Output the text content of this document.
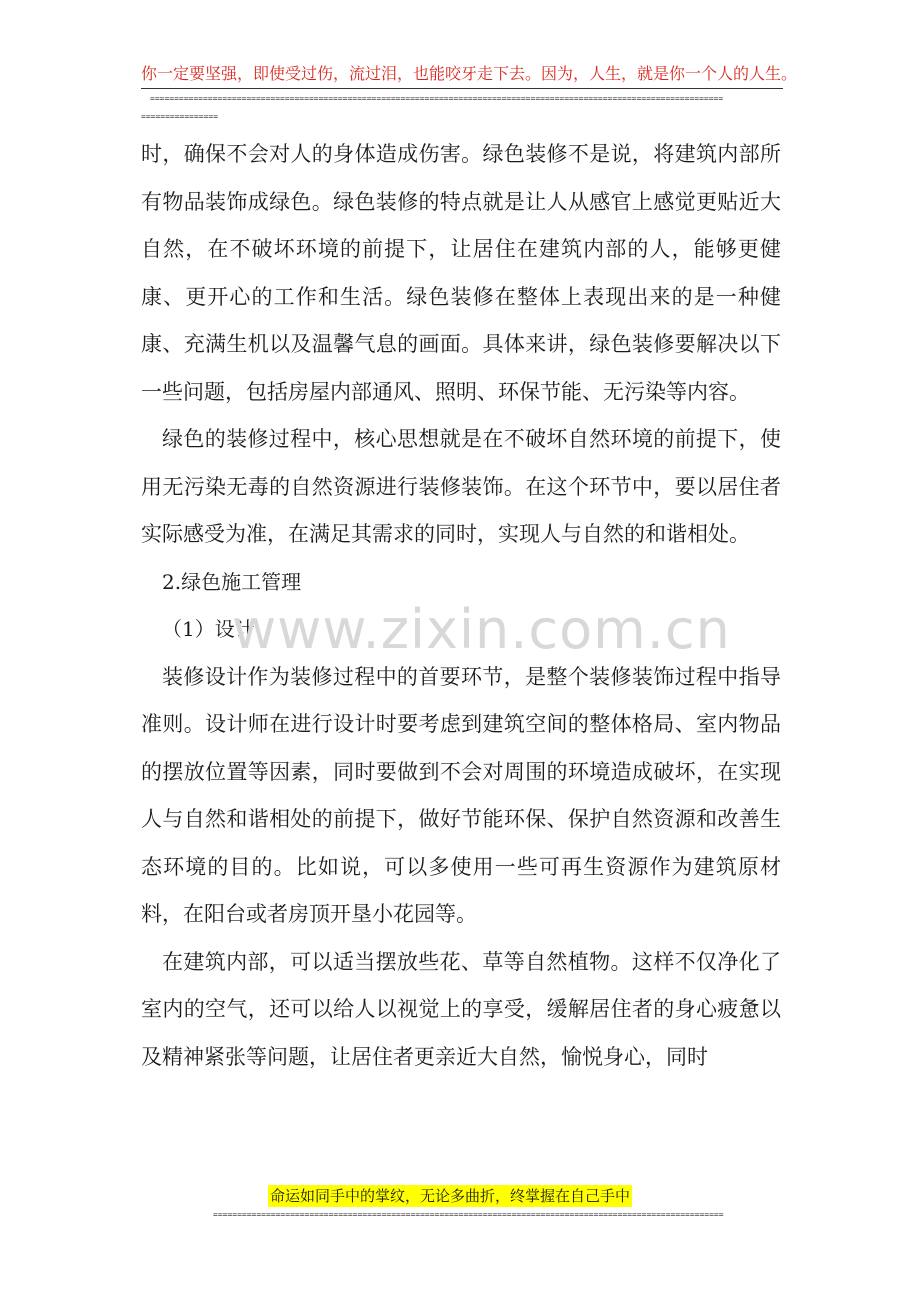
你一定要坚强，即使受过伤，流过泪，也能咬牙走下去。因为，人生，就是你一个人的人生。
=======================================================================================================================
================

时，确保不会对人的身体造成伤害。绿色装修不是说，将建筑内部所有物品装饰成绿色。绿色装修的特点就是让人从感官上感觉更贴近大自然，在不破坏环境的前提下，让居住在建筑内部的人，能够更健康、更开心的工作和生活。绿色装修在整体上表现出来的是一种健康、充满生机以及温馨气息的画面。具体来讲，绿色装修要解决以下一些问题，包括房屋内部通风、照明、环保节能、无污染等内容。

绿色的装修过程中，核心思想就是在不破坏自然环境的前提下，使用无污染无毒的自然资源进行装修装饰。在这个环节中，要以居住者实际感受为准，在满足其需求的同时，实现人与自然的和谐相处。

2.绿色施工管理

（1）设计

装修设计作为装修过程中的首要环节，是整个装修装饰过程中指导准则。设计师在进行设计时要考虑到建筑空间的整体格局、室内物品的摆放位置等因素，同时要做到不会对周围的环境造成破坏，在实现人与自然和谐相处的前提下，做好节能环保、保护自然资源和改善生态环境的目的。比如说，可以多使用一些可再生资源作为建筑原材料，在阳台或者房顶开垦小花园等。

在建筑内部，可以适当摆放些花、草等自然植物。这样不仅净化了室内的空气，还可以给人以视觉上的享受，缓解居住者的身心疲惫以及精神紧张等问题，让居住者更亲近大自然，愉悦身心，同时

www.zixin.com.cn
命运如同手中的掌纹，无论多曲折，终掌握在自己手中
==========================================================================================================
